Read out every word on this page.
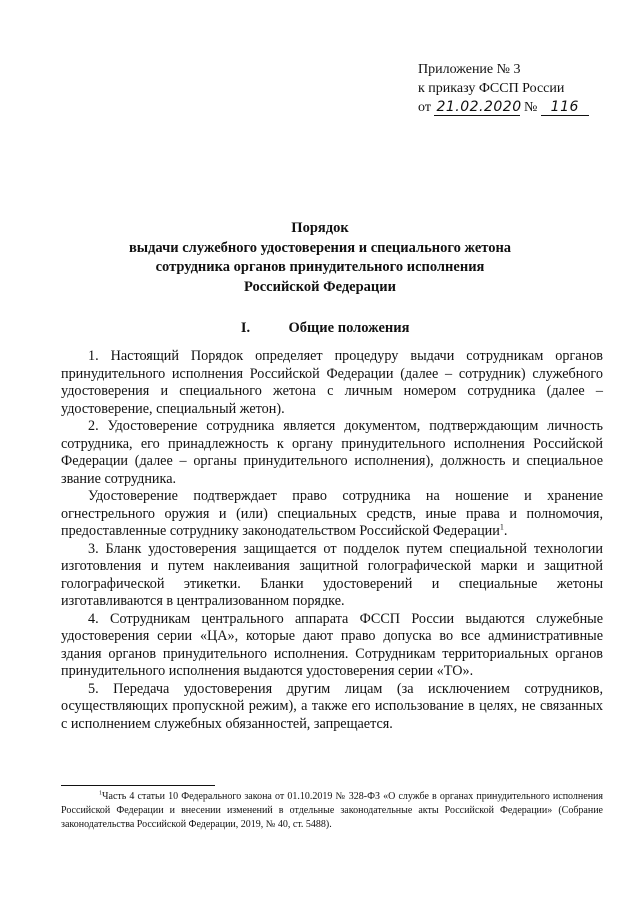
Приложение № 3
к приказу ФССП России
от 21.02.2020 № 116
Порядок
выдачи служебного удостоверения и специального жетона
сотрудника органов принудительного исполнения
Российской Федерации
I.	Общие положения

1. Настоящий Порядок определяет процедуру выдачи сотрудникам органов принудительного исполнения Российской Федерации (далее – сотрудник) служебного удостоверения и специального жетона с личным номером сотрудника (далее – удостоверение, специальный жетон).

2. Удостоверение сотрудника является документом, подтверждающим личность сотрудника, его принадлежность к органу принудительного исполнения Российской Федерации (далее – органы принудительного исполнения), должность и специальное звание сотрудника.

Удостоверение подтверждает право сотрудника на ношение и хранение огнестрельного оружия и (или) специальных средств, иные права и полномочия, предоставленные сотруднику законодательством Российской Федерации$^1$.

3. Бланк удостоверения защищается от подделок путем специальной технологии изготовления и путем наклеивания защитной голографической марки и защитной голографической этикетки. Бланки удостоверений и специальные жетоны изготавливаются в централизованном порядке.

4. Сотрудникам центрального аппарата ФССП России выдаются служебные удостоверения серии «ЦА», которые дают право допуска во все административные здания органов принудительного исполнения. Сотрудникам территориальных органов принудительного исполнения выдаются удостоверения серии «ТО».

5. Передача удостоверения другим лицам (за исключением сотрудников, осуществляющих пропускной режим), а также его использование в целях, не связанных с исполнением служебных обязанностей, запрещается.

$^1$Часть 4 статьи 10 Федерального закона от 01.10.2019 № 328-ФЗ «О службе в органах принудительного исполнения Российской Федерации и внесении изменений в отдельные законодательные акты Российской Федерации» (Собрание законодательства Российской Федерации, 2019, № 40, ст. 5488).
